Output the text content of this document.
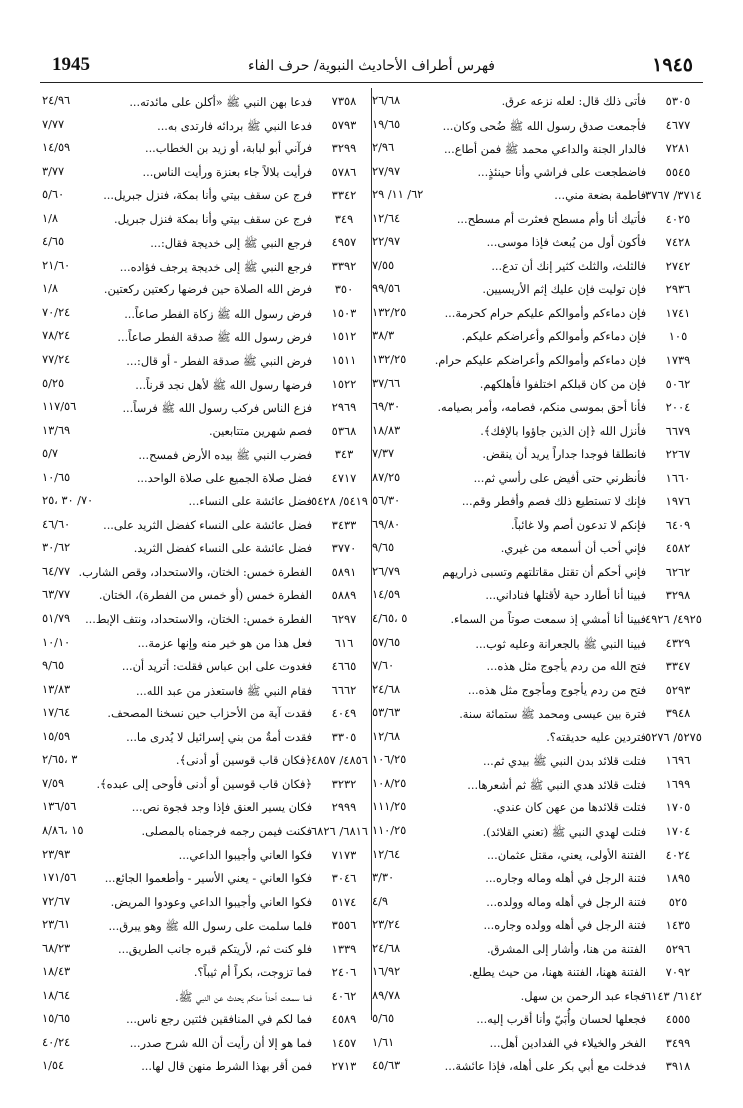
1945	فهرس أطراف الأحاديث النبوية/ حرف الفاء	١٩٤٥
٥٣٠٥
فأتى ذلك قال: لعله نزعه عرق.
٢٦/٦٨
٤٦٧٧
فأجمعت صدق رسول الله ﷺ ضُحى وكان...
١٩/٦٥
٧٢٨١
فالدار الجنة والداعي محمد ﷺ فمن أطاع...
٢/٩٦
٥٥٤٥
فاضطجعت على فراشي وأنا حينئذٍ...
٢٧/٩٧
٣٧١٤/ ٣٧٦٧
فاطمة بضعة مني...
٦٢/ ١١/ ٢٩
٤٠٢٥
فأتيك أنا وأم مسطح فعثرت أم مسطح...
١٢/٦٤
٧٤٢٨
فأكون أول من يُبعث فإذا موسى...
٢٢/٩٧
٢٧٤٢
فالثلث، والثلث كثير إنك أن تدع...
٧/٥٥
٢٩٣٦
فإن توليت فإن عليك إثم الأريسيين.
٩٩/٥٦
١٧٤١
فإن دماءكم وأموالكم عليكم حرام كحرمة...
١٣٢/٢٥
١٠٥
فإن دماءكم وأموالكم وأعراضكم عليكم.
٣٨/٣
١٧٣٩
فإن دماءكم وأموالكم وأعراضكم عليكم حرام.
١٣٢/٢٥
٥٠٦٢
فإن من كان قبلكم اختلفوا فأهلكهم.
٣٧/٦٦
٢٠٠٤
فأنا أحق بموسى منكم، فصامه، وأمر بصيامه.
٦٩/٣٠
٦٦٧٩
فأنزل الله ﴿إن الذين جاؤوا بالإفك﴾.
١٨/٨٣
٢٢٦٧
فانطلقا فوجدا جداراً يريد أن ينقض.
٧/٣٧
١٦٦٠
فأنظرني حتى أفيض على رأسي ثم...
٨٧/٢٥
١٩٧٦
فإنك لا تستطيع ذلك فصم وأفطر وقم...
٥٦/٣٠
٦٤٠٩
فإنكم لا تدعون أصم ولا غائباً.
٦٩/٨٠
٤٥٨٢
فإني أحب أن أسمعه من غيري.
٩/٦٥
٦٢٦٢
فإني أحكم أن تقتل مقاتلتهم وتسبى ذراريهم
٢٦/٧٩
٣٢٩٨
فبينا أنا أطارد حية لأقتلها فناداني...
١٤/٥٩
٤٩٢٥/ ٤٩٢٦
فبينا أنا أمشي إذ سمعت صوتاً من السماء.
٥ ،٤/٦٥
٤٣٢٩
فبينا النبي ﷺ بالجعرانة وعليه ثوب...
٥٧/٦٥
٣٣٤٧
فتح الله من ردم يأجوج مثل هذه...
٧/٦٠
٥٢٩٣
فتح من ردم يأجوج ومأجوج مثل هذه...
٢٤/٦٨
٣٩٤٨
فترة بين عيسى ومحمد ﷺ ستمائة سنة.
٥٣/٦٣
٥٢٧٥/ ٥٢٧٦
فتردين عليه حديقته؟.
١٢/٦٨
١٦٩٦
فتلت قلائد بدن النبي ﷺ بيدي ثم...
١٠٦/٢٥
١٦٩٩
فتلت قلائد هدي النبي ﷺ ثم أشعرها...
١٠٨/٢٥
١٧٠٥
فتلت قلائدها من عهن كان عندي.
١١١/٢٥
١٧٠٤
فتلت لهدي النبي ﷺ (تعني القلائد).
١١٠/٢٥
٤٠٢٤
الفتنة الأولى، يعني، مقتل عثمان...
١٢/٦٤
١٨٩٥
فتنة الرجل في أهله وماله وجاره...
٣/٣٠
٥٢٥
فتنة الرجل في أهله وماله وولده...
٤/٩
١٤٣٥
فتنة الرجل في أهله وولده وجاره...
٢٣/٢٤
٥٢٩٦
الفتنة من هنا، وأشار إلى المشرق.
٢٤/٦٨
٧٠٩٢
الفتنة ههنا، الفتنة ههنا، من حيث يطلع.
١٦/٩٢
٦١٤٢/ ٦١٤٣
فجاء عبد الرحمن بن سهل.
٨٩/٧٨
٤٥٥٥
فجعلها لحسان وأُبَيّ وأنا أقرب إليه...
٥/٦٥
٣٤٩٩
الفخر والخيلاء في الفدادين أهل...
١/٦١
٣٩١٨
فدخلت مع أبي بكر على أهله، فإذا عائشة...
٤٥/٦٣
٧٣٥٨
فدعا بهن النبي ﷺ «أكلن على مائدته...
٢٤/٩٦
٥٧٩٣
فدعا النبي ﷺ بردائه فارتدى به...
٧/٧٧
٣٢٩٩
فرآني أبو لبابة، أو زيد بن الخطاب...
١٤/٥٩
٥٧٨٦
فرأيت بلالاً جاء بعنزة ورأيت الناس...
٣/٧٧
٣٣٤٢
فرج عن سقف بيتي وأنا بمكة، فنزل جبريل...
٥/٦٠
٣٤٩
فرج عن سقف بيتي وأنا بمكة فنزل جبريل.
١/٨
٤٩٥٧
فرجع النبي ﷺ إلى خديجة فقال:...
٤/٦٥
٣٣٩٢
فرجع النبي ﷺ إلى خديجة يرجف فؤاده...
٢١/٦٠
٣٥٠
فرض الله الصلاة حين فرضها ركعتين ركعتين.
١/٨
١٥٠٣
فرض رسول الله ﷺ زكاة الفطر صاعاً...
٧٠/٢٤
١٥١٢
فرض رسول الله ﷺ صدقة الفطر صاعاً...
٧٨/٢٤
١٥١١
فرض النبي ﷺ صدقة الفطر - أو قال:...
٧٧/٢٤
١٥٢٢
فرضها رسول الله ﷺ لأهل نجد قرناً...
٥/٢٥
٢٩٦٩
فزع الناس فركب رسول الله ﷺ فرساً...
١١٧/٥٦
٥٣٦٨
فصم شهرين متتابعين.
١٣/٦٩
٣٤٣
فضرب النبي ﷺ بيده الأرض فمسح...
٥/٧
٤٧١٧
فضل صلاة الجميع على صلاة الواحد...
١٠/٦٥
٥٤١٩/ ٥٤٢٨
فضل عائشة على النساء...
٧٠/ ٣٠ ،٢٥
٣٤٣٣
فضل عائشة على النساء كفضل الثريد على...
٤٦/٦٠
٣٧٧٠
فضل عائشة على النساء كفضل الثريد.
٣٠/٦٢
٥٨٩١
الفطرة خمس: الختان، والاستحداد، وقص الشارب.
٦٤/٧٧
٥٨٨٩
الفطرة خمس (أو خمس من الفطرة)، الختان.
٦٣/٧٧
٦٢٩٧
الفطرة خمس: الختان، والاستحداد، ونتف الإبط...
٥١/٧٩
٦١٦
فعل هذا من هو خير منه وإنها عزمة...
١٠/١٠
٤٦٦٥
فغدوت على ابن عباس فقلت: أتريد أن...
٩/٦٥
٦٦٦٢
فقام النبي ﷺ فاستعذر من عبد الله...
١٣/٨٣
٤٠٤٩
فقدت آية من الأحزاب حين نسخنا المصحف.
١٧/٦٤
٣٣٠٥
فقدت أمةٌ من بني إسرائيل لا يُدرى ما...
١٥/٥٩
٤٨٥٦/ ٤٨٥٧
﴿فكان قاب قوسين أو أدنى﴾.
٣ ،٢/٦٥
٣٢٣٢
﴿فكان قاب قوسين أو أدنى فأوحى إلى عبده﴾.
٧/٥٩
٢٩٩٩
فكان يسير العنق فإذا وجد فجوة نص...
١٣٦/٥٦
٦٨١٦/ ٦٨٢٦
فكنت فيمن رجمه فرجمناه بالمصلى.
١٥ ،٨/٨٦
٧١٧٣
فكوا العاني وأجيبوا الداعي...
٢٣/٩٣
٣٠٤٦
فكوا العاني - يعني الأسير - وأطعموا الجائع...
١٧١/٥٦
٥١٧٤
فكوا العاني وأجيبوا الداعي وعودوا المريض.
٧٢/٦٧
٣٥٥٦
فلما سلمت على رسول الله ﷺ وهو يبرق...
٢٣/٦١
١٣٣٩
فلو كنت ثم، لأريتكم قبره جانب الطريق...
٦٨/٢٣
٢٤٠٦
فما تزوجت، بكراً أم ثيباً؟.
١٨/٤٣
٤٠٦٢
فما سمعت أحداً منكم يحدث عن النبي ﷺ.
١٨/٦٤
٤٥٨٩
فما لكم في المنافقين فئتين رجع ناس...
١٥/٦٥
١٤٥٧
فما هو إلا أن رأيت أن الله شرح صدر...
٤٠/٢٤
٢٧١٣
فمن أقر بهذا الشرط منهن قال لها...
١/٥٤
